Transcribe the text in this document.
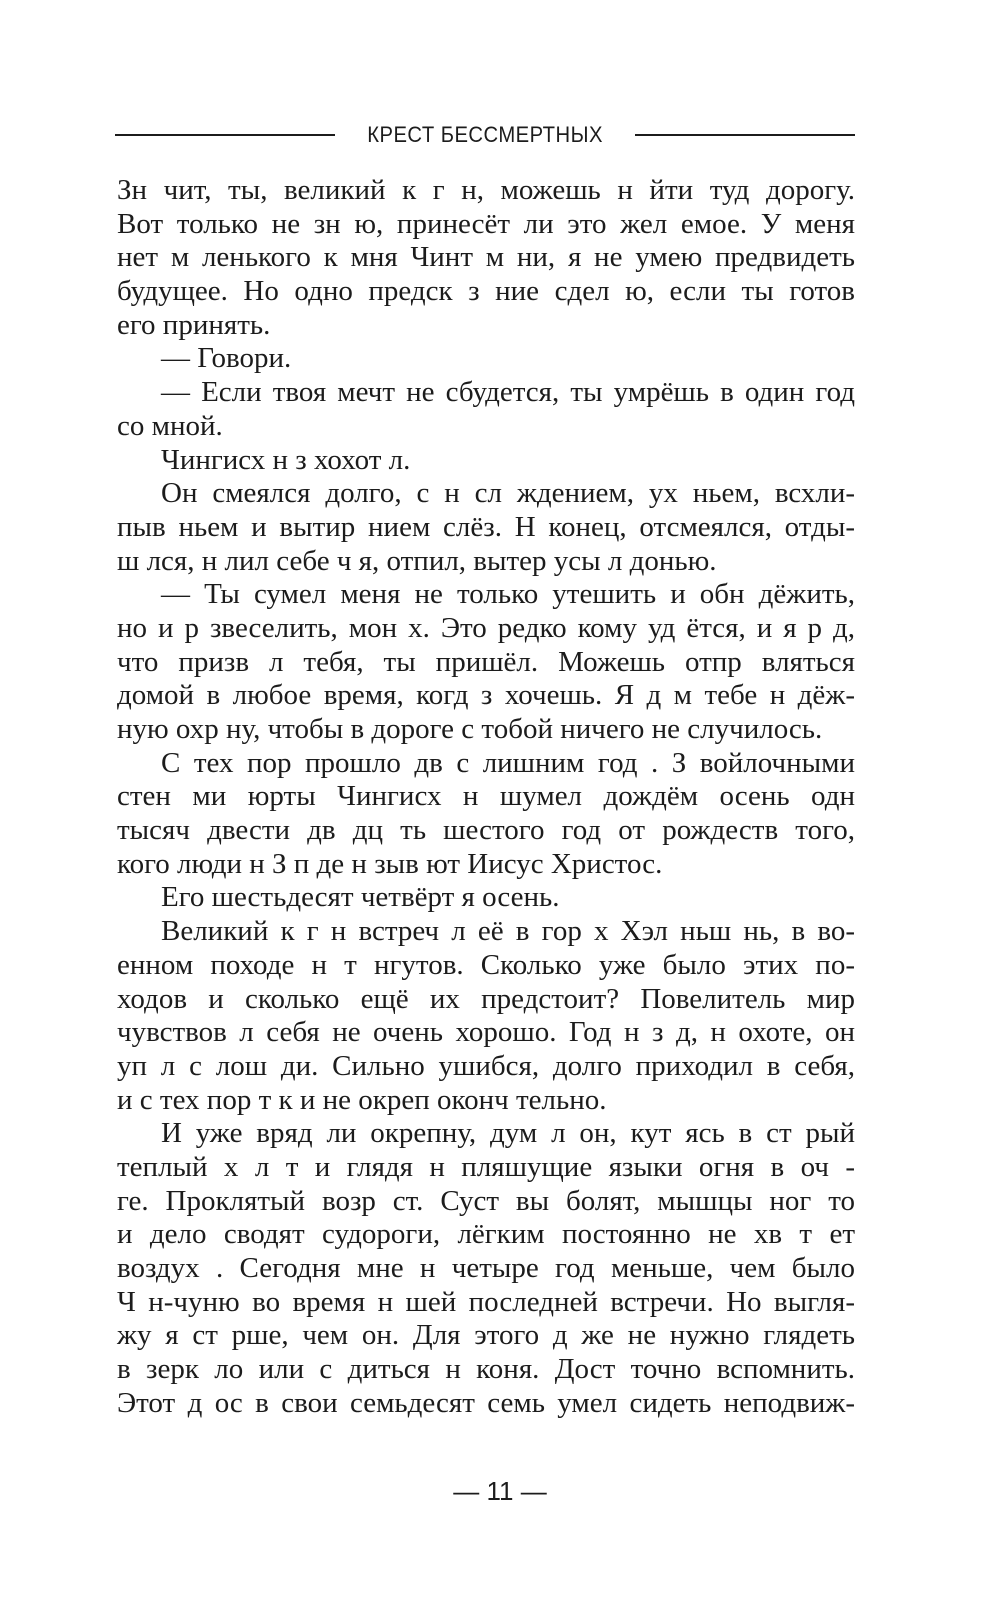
КРЕСТ БЕССМЕРТНЫХ
Зн чит, ты, великий к г н, можешь н йти туд дорогу.
Вот только не зн ю, принесёт ли это жел емое. У меня
нет м ленького к мня Чинт м ни, я не умею предвидеть
будущее. Но одно предск з ние сдел ю, если ты готов
его принять.
— Говори.
— Если твоя мечт не сбудется, ты умрёшь в один год
со мной.
Чингисх н з хохот л.
Он смеялся долго, с н сл ждением, ух ньем, всхли-
пыв ньем и вытир нием слёз. Н конец, отсмеялся, отды-
ш лся, н лил себе ч я, отпил, вытер усы л донью.
— Ты сумел меня не только утешить и обн дёжить,
но и р звеселить, мон х. Это редко кому уд ётся, и я р д,
что призв л тебя, ты пришёл. Можешь отпр вляться
домой в любое время, когд з хочешь. Я д м тебе н дёж-
ную охр ну, чтобы в дороге с тобой ничего не случилось.
С тех пор прошло дв с лишним год . З войлочными
стен ми юрты Чингисх н шумел дождём осень одн
тысяч двести дв дц ть шестого год от рождеств того,
кого люди н З п де н зыв ют Иисус Христос.
Его шестьдесят четвёрт я осень.
Великий к г н встреч л её в гор х Хэл ньш нь, в во-
енном походе н т нгутов. Сколько уже было этих по-
ходов и сколько ещё их предстоит? Повелитель мир
чувствов л себя не очень хорошо. Год н з д, н охоте, он
уп л с лош ди. Сильно ушибся, долго приходил в себя,
и с тех пор т к и не окреп оконч тельно.
И уже вряд ли окрепну, дум л он, кут ясь в ст рый
теплый х л т и глядя н пляшущие языки огня в оч -
ге. Проклятый возр ст. Суст вы болят, мышцы ног то
и дело сводят судороги, лёгким постоянно не хв т ет
воздух . Сегодня мне н четыре год меньше, чем было
Ч н-чуню во время н шей последней встречи. Но выгля-
жу я ст рше, чем он. Для этого д же не нужно глядеть
в зерк ло или с диться н коня. Дост точно вспомнить.
Этот д ос в свои семьдесят семь умел сидеть неподвиж-
— 11 —
